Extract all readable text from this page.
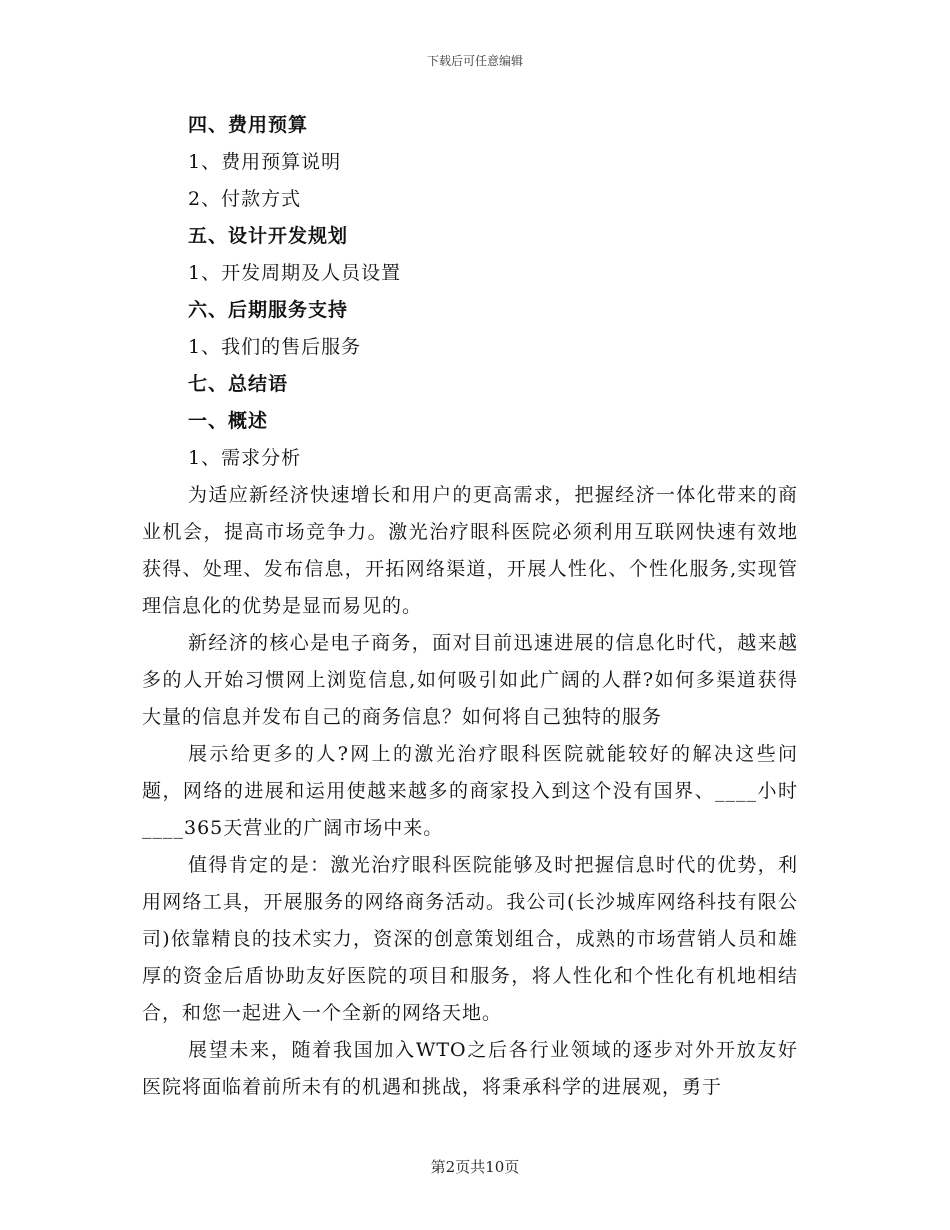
下载后可任意编辑
四、费用预算
1、费用预算说明
2、付款方式
五、设计开发规划
1、开发周期及人员设置
六、后期服务支持
1、我们的售后服务
七、总结语
一、概述
1、需求分析

为适应新经济快速增长和用户的更高需求，把握经济一体化带来的商业机会，提高市场竞争力。激光治疗眼科医院必须利用互联网快速有效地获得、处理、发布信息，开拓网络渠道，开展人性化、个性化服务,实现管理信息化的优势是显而易见的。

新经济的核心是电子商务，面对目前迅速进展的信息化时代，越来越多的人开始习惯网上浏览信息,如何吸引如此广阔的人群?如何多渠道获得大量的信息并发布自己的商务信息？如何将自己独特的服务

展示给更多的人?网上的激光治疗眼科医院就能较好的解决这些问题，网络的进展和运用使越来越多的商家投入到这个没有国界、____小时____365天营业的广阔市场中来。

值得肯定的是：激光治疗眼科医院能够及时把握信息时代的优势，利用网络工具，开展服务的网络商务活动。我公司(长沙城库网络科技有限公司)依靠精良的技术实力，资深的创意策划组合，成熟的市场营销人员和雄厚的资金后盾协助友好医院的项目和服务，将人性化和个性化有机地相结合，和您一起进入一个全新的网络天地。

展望未来，随着我国加入WTO之后各行业领域的逐步对外开放友好医院将面临着前所未有的机遇和挑战，将秉承科学的进展观，勇于

第2页共10页
